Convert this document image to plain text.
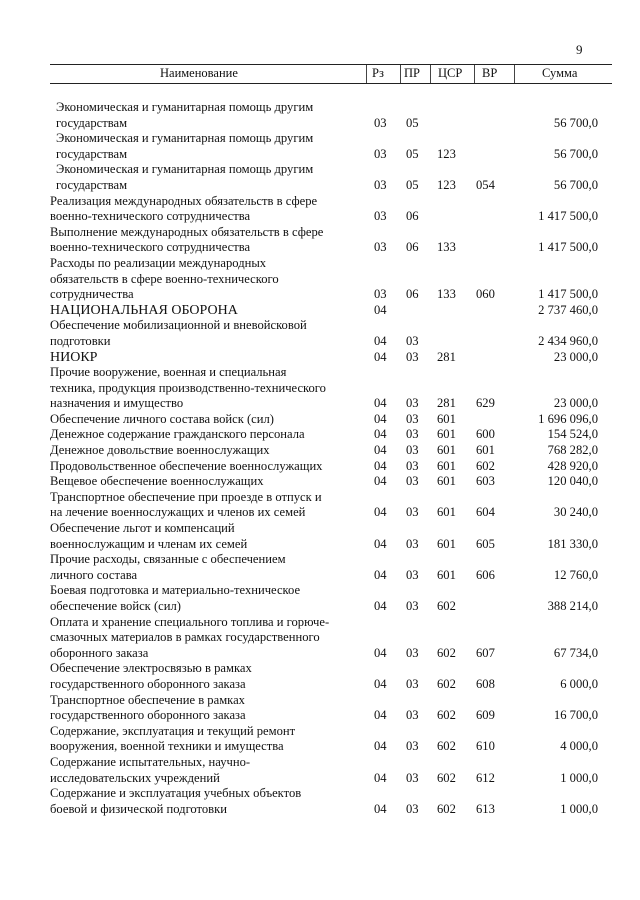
9
Наименование	Рз ПР ЦСР ВР	Сумма
Экономическая и гуманитарная помощь другим
государствам	03 05	56 700,0
Экономическая и гуманитарная помощь другим
государствам	03 05 123	56 700,0
Экономическая и гуманитарная помощь другим
государствам	03 05 123 054	56 700,0
Реализация международных обязательств в сфере
военно-технического сотрудничества	03 06	1 417 500,0
Выполнение международных обязательств в сфере
военно-технического сотрудничества	03 06 133	1 417 500,0
Расходы по реализации международных
обязательств в сфере военно-технического
сотрудничества	03 06 133 060	1 417 500,0
НАЦИОНАЛЬНАЯ ОБОРОНА	04	2 737 460,0
Обеспечение мобилизационной и вневойсковой
подготовки	04 03	2 434 960,0
НИОКР	04 03 281	23 000,0
Прочие вооружение, военная и специальная
техника, продукция производственно-технического
назначения и имущество	04 03 281 629	23 000,0
Обеспечение личного состава войск (сил)	04 03 601	1 696 096,0
Денежное содержание гражданского персонала	04 03 601 600	154 524,0
Денежное довольствие военнослужащих	04 03 601 601	768 282,0
Продовольственное обеспечение военнослужащих	04 03 601 602	428 920,0
Вещевое обеспечение военнослужащих	04 03 601 603	120 040,0
Транспортное обеспечение при проезде в отпуск и
на лечение военнослужащих и членов их семей	04 03 601 604	30 240,0
Обеспечение льгот и компенсаций
военнослужащим и членам их семей	04 03 601 605	181 330,0
Прочие расходы, связанные с обеспечением
личного состава	04 03 601 606	12 760,0
Боевая подготовка и материально-техническое
обеспечение войск (сил)	04 03 602	388 214,0
Оплата и хранение специального топлива и горюче-
смазочных материалов в рамках государственного
оборонного заказа	04 03 602 607	67 734,0
Обеспечение электросвязью в рамках
государственного оборонного заказа	04 03 602 608	6 000,0
Транспортное обеспечение в рамках
государственного оборонного заказа	04 03 602 609	16 700,0
Содержание, эксплуатация и текущий ремонт
вооружения, военной техники и имущества	04 03 602 610	4 000,0
Содержание испытательных, научно-
исследовательских учреждений	04 03 602 612	1 000,0
Содержание и эксплуатация учебных объектов
боевой и физической подготовки	04 03 602 613	1 000,0
